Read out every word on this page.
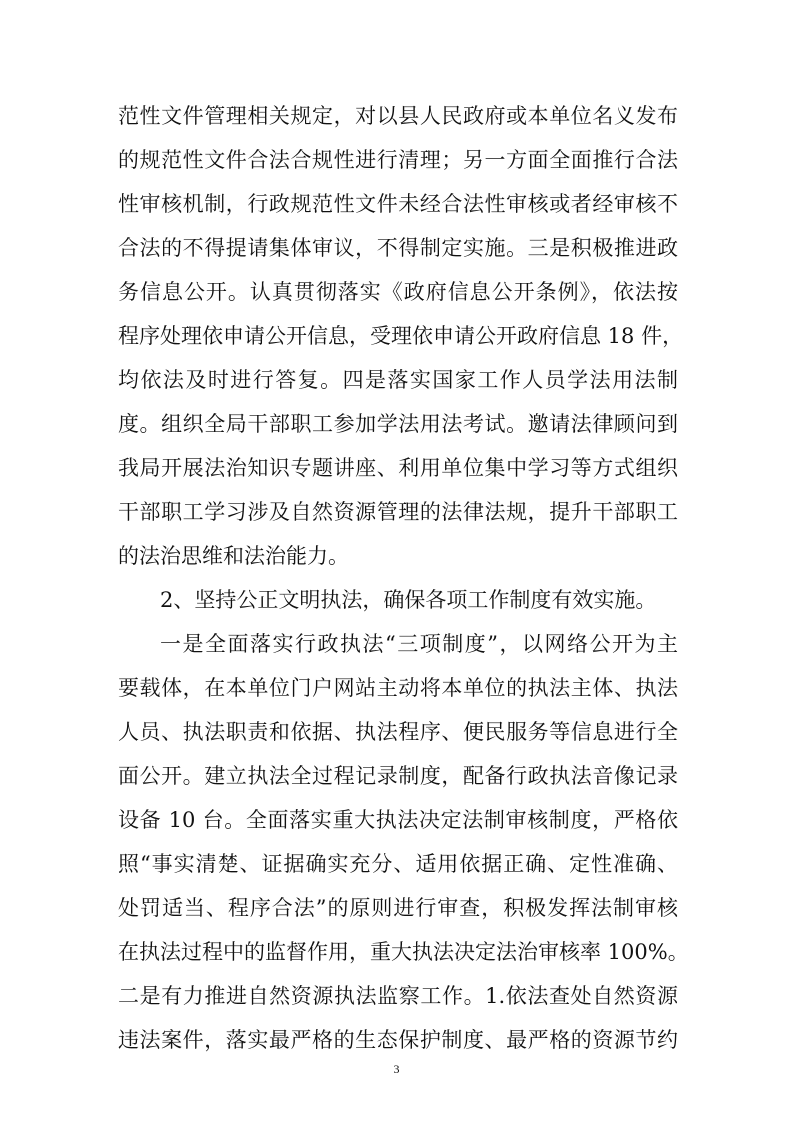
范性文件管理相关规定，对以县人民政府或本单位名义发布
的规范性文件合法合规性进行清理；另一方面全面推行合法
性审核机制，行政规范性文件未经合法性审核或者经审核不
合法的不得提请集体审议，不得制定实施。三是积极推进政
务信息公开。认真贯彻落实《政府信息公开条例》，依法按
程序处理依申请公开信息，受理依申请公开政府信息 18 件，
均依法及时进行答复。四是落实国家工作人员学法用法制
度。组织全局干部职工参加学法用法考试。邀请法律顾问到
我局开展法治知识专题讲座、利用单位集中学习等方式组织
干部职工学习涉及自然资源管理的法律法规，提升干部职工
的法治思维和法治能力。
2、坚持公正文明执法，确保各项工作制度有效实施。
一是全面落实行政执法“三项制度”，以网络公开为主
要载体，在本单位门户网站主动将本单位的执法主体、执法
人员、执法职责和依据、执法程序、便民服务等信息进行全
面公开。建立执法全过程记录制度，配备行政执法音像记录
设备 10 台。全面落实重大执法决定法制审核制度，严格依
照“事实清楚、证据确实充分、适用依据正确、定性准确、
处罚适当、程序合法”的原则进行审查，积极发挥法制审核
在执法过程中的监督作用，重大执法决定法治审核率 100%。
二是有力推进自然资源执法监察工作。1.依法查处自然资源
违法案件，落实最严格的生态保护制度、最严格的资源节约
3
